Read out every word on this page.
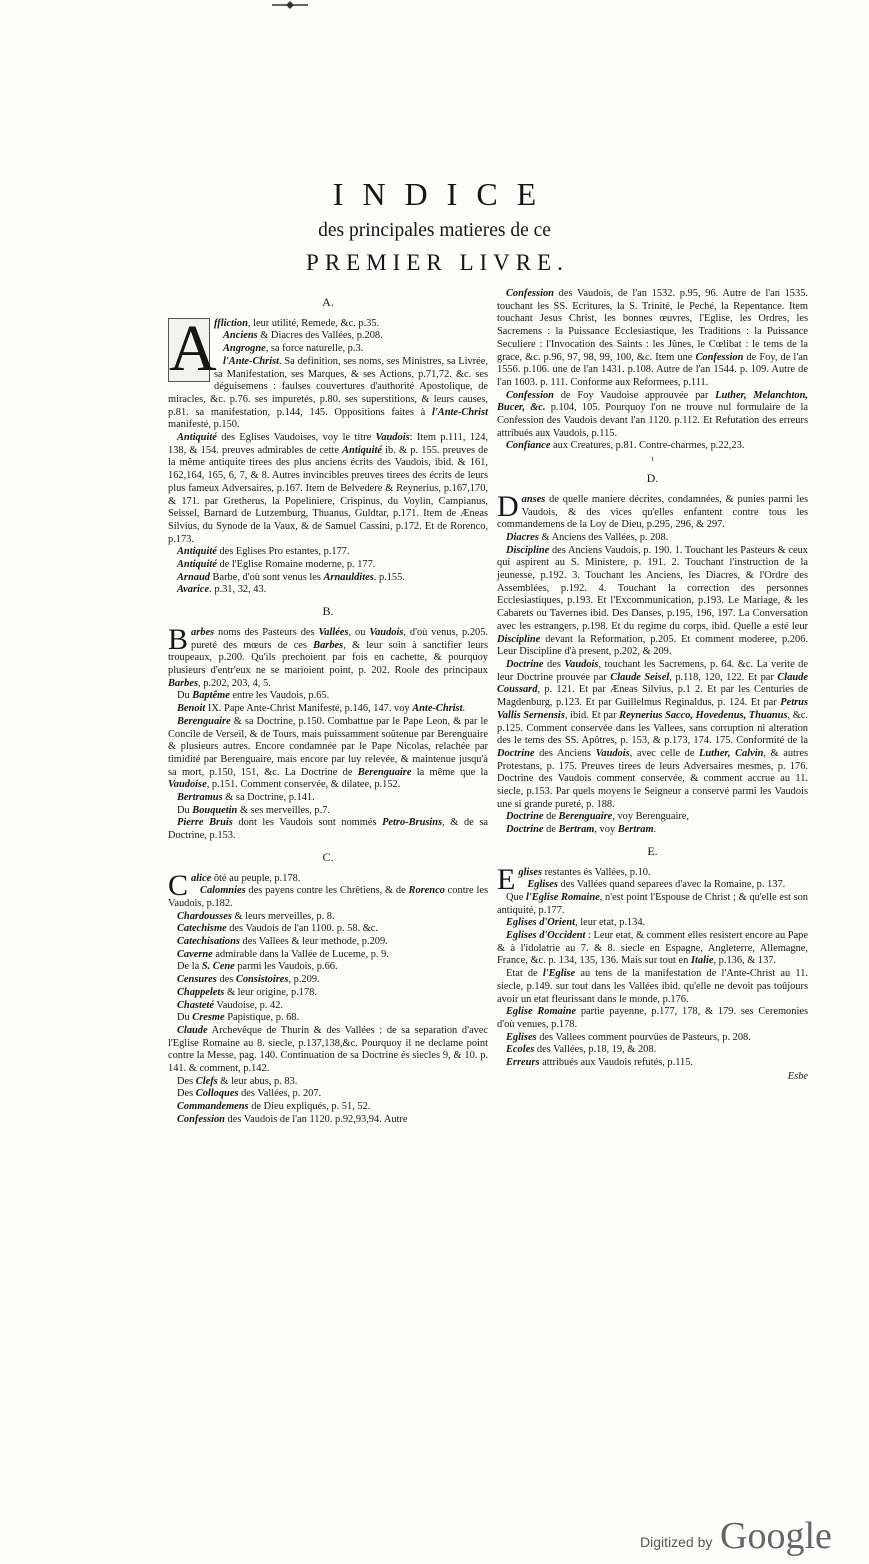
INDICE
des principales matieres de ce
PREMIER LIVRE.
A.
A
ffliction, leur utilité, Remede, &c. p.35.
Anciens & Diacres des Vallées, p.208.
Angrogne, sa force naturelle, p.3.
l'Ante-Christ. Sa definition, ses noms, ses Ministres, sa Livrée, sa Manifestation, ses Marques, & ses Actions, p.71,72. &c. ses déguisemens : faulses couvertures d'authorité Apostolique, de miracles, &c. p.76. ses impuretés, p.80. ses superstitions, & leurs causes, p.81. sa manifestation, p.144, 145. Oppositions faites à l'Ante-Christ manifesté, p.150.
Antiquité des Eglises Vaudoises, voy le titre Vaudois: Item p.111, 124, 138, & 154. preuves admirables de cette Antiquité ib. & p. 155. preuves de la même antiquite tirees des plus anciens écrits des Vaudois, ibid. & 161, 162,164, 165, 6, 7, & 8. Autres invincibles preuves tirees des écrits de leurs plus fameux Adversaires, p.167. Item de Belvedere & Reynerius, p.167,170, & 171. par Gretherus, la Popeliniere, Crispinus, du Voylin, Campianus, Seissel, Barnard de Lutzemburg, Thuanus, Guldtar, p.171. Item de Æneas Silvius, du Synode de la Vaux, & de Samuel Cassini, p.172. Et de Rorenco, p.173.
Antiquité des Eglises Pro estantes, p.177.
Antiquité de l'Eglise Romaine moderne, p. 177.
Arnaud Barbe, d'où sont venus les Arnauldites. p.155.
Avarice. p.31, 32, 43.
B.
Barbes noms des Pasteurs des Vallées, ou Vaudois, d'où venus, p.205. pureté des mœurs de ces Barbes, & leur soin à sanctifier leurs troupeaux, p.200. Qu'ils prechoient par fois en cachette, & pourquoy plusieurs d'entr'eux ne se marioient point, p. 202. Roole des principaux Barbes, p.202, 203, 4, 5.
Du Baptême entre les Vaudois, p.65.
Benoit IX. Pape Ante-Christ Manifesté, p.146, 147. voy Ante-Christ.
Berenguaire & sa Doctrine, p.150. Combattue par le Pape Leon, & par le Concile de Verseil, & de Tours, mais puissamment soûtenue par Berenguaire & plusieurs autres. Encore condamnée par le Pape Nicolas, relachée par timidité par Berenguaire, mais encore par luy relevée, & maintenue jusqu'à sa mort, p.150, 151, &c. La Doctrine de Berenguaire la même que la Vaudoise, p.151. Comment conservée, & dilatee, p.152.
Bertramus & sa Doctrine, p.141.
Du Bouquetin & ses merveilles, p.7.
Pierre Bruis dont les Vaudois sont nommés Petro-Brusins, & de sa Doctrine, p.153.
C.
Calice ôté au peuple, p.178.
Calomnies des payens contre les Chrêtiens, & de Rorenco contre les Vaudois, p.182.
Chardousses & leurs merveilles, p. 8.
Catechisme des Vaudois de l'an 1100. p. 58. &c.
Catechisations des Vallees & leur methode, p.209.
Caverne admirable dans la Vallée de Luceme, p. 9.
De la S. Cene parmi les Vaudois, p.66.
Censures des Consistoires, p.209.
Chappelets & leur origine, p.178.
Chasteté Vaudoise, p. 42.
Du Cresme Papistique, p. 68.
Claude Archevêque de Thurin & des Vallées : de sa separation d'avec l'Eglise Romaine au 8. siecle, p.137,138,&c. Pourquoy il ne declame point contre la Messe, pag. 140. Continuation de sa Doctrine és siecles 9, & 10. p. 141. & comment, p.142.
Des Clefs & leur abus, p. 83.
Des Colloques des Vallées, p. 207.
Commandemens de Dieu expliqués, p. 51, 52.
Confession des Vaudois de l'an 1120. p.92,93,94. Autre
Confession des Vaudois, de l'an 1532. p.95, 96. Autre de l'an 1535. touchant les SS. Ecritures, la S. Trinité, le Peché, la Repentance. Item touchant Jesus Christ, les bonnes œuvres, l'Eglise, les Ordres, les Sacremens : la Puissance Ecclesiastique, les Traditions : la Puissance Seculiere : l'Invocation des Saints : les Jûnes, le Cœlibat : le tems de la grace, &c. p.96, 97, 98, 99, 100, &c. Item une Confession de Foy, de l'an 1556. p.106. une de l'an 1431. p.108. Autre de l'an 1544. p. 109. Autre de l'an 1603. p. 111. Conforme aux Reformees, p.111.
Confession de Foy Vaudoise approuvée par Luther, Melanchton, Bucer, &c. p.104, 105. Pourquoy l'on ne trouve nul formulaire de la Confession des Vaudois devant l'an 1120. p.112. Et Refutation des erreurs attribués aux Vaudois, p.115.
Confiance aux Creatures, p.81. Contre-charmes, p.22,23.
ι
D.
Danses de quelle maniere décrites, condamnées, & punies parmi les Vaudois, & des vices qu'elles enfantent contre tous les commandemens de la Loy de Dieu, p.295, 296, & 297.
Diacres & Anciens des Vallées, p. 208.
Discipline des Anciens Vaudois, p. 190. 1. Touchant les Pasteurs & ceux qui aspirent au S. Ministere, p. 191. 2. Touchant l'instruction de la jeunesse, p.192. 3. Touchant les Anciens, les Diacres, & l'Ordre des Assemblées, p.192. 4. Touchant la correction des personnes Ecclesiastiques, p.193. Et l'Excommunication, p.193. Le Mariage, & les Cabarets ou Tavernes ibid. Des Danses, p.195, 196, 197. La Conversation avec les estrangers, p.198. Et du regime du corps, ibid. Quelle a esté leur Discipline devant la Reformation, p.205. Et comment moderee, p.206. Leur Discipline d'à present, p.202, & 209.
Doctrine des Vaudois, touchant les Sacremens, p. 64. &c. La verite de leur Doctrine prouvée par Claude Seisel, p.118, 120, 122. Et par Claude Coussard, p. 121. Et par Æneas Silvius, p.1 2. Et par les Centuries de Magdenburg, p.123. Et par Guillelmus Reginaldus, p. 124. Et par Petrus Vallis Sernensis, ibid. Et par Reynerius Sacco, Hovedenus, Thuanus, &c. p.125. Comment conservée dans les Vallees, sans corruption ni alteration des le tems des SS. Apôtres, p. 153, & p.173, 174. 175. Conformité de la Doctrine des Anciens Vaudois, avec celle de Luther, Calvin, & autres Protestans, p. 175. Preuves tirees de leurs Adversaires mesmes, p. 176. Doctrine des Vaudois comment conservée, & comment accrue au 11. siecle, p.153. Par quels moyens le Seigneur a conservé parmi les Vaudois une si grande pureté, p. 188.
Doctrine de Berenguaire, voy Berenguaire,
Doctrine de Bertram, voy Bertram.
E.
Eglises restantes és Vallées, p.10.
Eglises des Vallées quand separees d'avec la Romaine, p. 137.
Que l'Eglise Romaine, n'est point l'Espouse de Christ ; & qu'elle est son antiquité, p.177.
Eglises d'Orient, leur etat, p.134.
Eglises d'Occident : Leur etat, & comment elles resistert encore au Pape & à l'idolatrie au 7. & 8. siecle en Espagne, Angleterre, Allemagne, France, &c. p. 134, 135, 136. Mais sur tout en Italie, p.136, & 137.
Etat de l'Eglise au tens de la manifestation de l'Ante-Christ au 11. siecle, p.149. sur tout dans les Vallées ibid. qu'elle ne devoit pas toûjours avoir un etat fleurissant dans le monde, p.176.
Eglise Romaine partie payenne, p.177, 178, & 179. ses Ceremonies d'où venues, p.178.
Eglises des Vallees comment pourvües de Pasteurs, p. 208.
Ecoles des Vallées, p.18, 19, & 208.
Erreurs attribués aux Vaudois refutés, p.115.
Esbe
Digitized by Google
